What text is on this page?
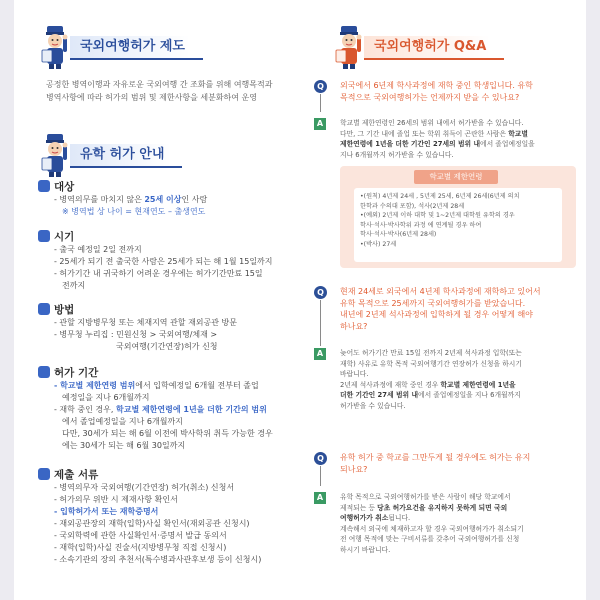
국외여행허가 제도
공정한 병역이행과 자유로운 국외여행 간 조화를 위해 여행목적과
병역사항에 따라 허가의 범위 및 제한사항을 세분화하여 운영
유학 허가 안내
대상
- 병역의무를 마치지 않은 25세 이상인 사람
※ 병역법 상 나이 = 현재연도 – 출생연도
시기
- 출국 예정일 2일 전까지
- 25세가 되기 전 출국한 사람은 25세가 되는 해 1월 15일까지
- 허가기간 내 귀국하기 어려운 경우에는 허가기간만료 15일
전까지
방법
- 관할 지방병무청 또는 체재지역 관할 재외공관 방문
- 병무청 누리집 : 민원신청 > 국외여행/체재 >
국외여행(기간연장)허가 신청
허가 기간
- 학교별 제한연령 범위에서 입학예정일 6개월 전부터 졸업
예정일을 지나 6개월까지
- 재학 중인 경우, 학교별 제한연령에 1년을 더한 기간의 범위
에서 졸업예정일을 지나 6개월까지
다만, 30세가 되는 해 6월 이전에 박사학위 취득 가능한 경우
에는 30세가 되는 해 6월 30일까지
제출 서류
- 병역의무자 국외여행(기간연장) 허가(취소) 신청서
- 허가의무 위반 시 제재사항 확인서
- 입학허가서 또는 재학증명서
- 재외공관장의 재학(입학)사실 확인서(재외공관 신청시)
- 국외학력에 관한 사실확인서·증명서 발급 동의서
- 재학(입학)사실 진술서(지방병무청 직접 신청시)
- 소속기관의 장의 추천서(특수병과사관후보생 등이 신청시)
국외여행허가 Q&A
Q	외국에서 6년제 학사과정에 재학 중인 학생입니다. 유학
목적으로 국외여행허가는 언제까지 받을 수 있나요?
A	학교별 제한연령인 26세의 범위 내에서 허가받을 수 있습니다.
다만, 그 기간 내에 졸업 또는 학위 취득이 곤란한 사람은 학교별
제한연령에 1년을 더한 기간인 27세의 범위 내에서 졸업예정일을
지나 6개월까지 허가받을 수 있습니다.
학교별 제한연령
•(원칙) 4년제 24세 , 5년제 25세, 6년제 26세(6년제 의치
한학과 수의대 포함), 석사(2년제 28세
•(예외) 2년제 이하 대학 및 1~2년제 대학원 유학의 경우
학사·석사·박사학위 과정 에 연계될 경우 하여
학사·석사·박사(6년제 28세)
•(박사) 27세
Q	현재 24세로 외국에서 4년제 학사과정에 재학하고 있어서
유학 목적으로 25세까지 국외여행허가를 받았습니다.
내년에 2년제 석사과정에 입학하게 될 경우 어떻게 해야
하나요?
A	늦어도 허가기간 만료 15일 전까지 2년제 석사과정 입학(또는
재학) 사유로 유학 목적 국외여행기간 연장허가 신청을 하시기
바랍니다.
2년제 석사과정에 재학 중인 경우 학교별 제한연령에 1년을
더한 기간인 27세 범위 내에서 졸업예정일을 지나 6개월까지
허가받을 수 있습니다.
Q	유학 허가 중 학교를 그만두게 될 경우에도 허가는 유지
되나요?
A	유학 목적으로 국외여행허가를 받은 사람이 해당 학교에서
제적되는 등 당초 허가요건을 유지하지 못하게 되면 국외
여행허가가 취소됩니다.
계속해서 외국에 체재하고자 할 경우 국외여행허가가 취소되기
전 여행 목적에 맞는 구비서류를 갖추어 국외여행허가를 신청
하시기 바랍니다.
